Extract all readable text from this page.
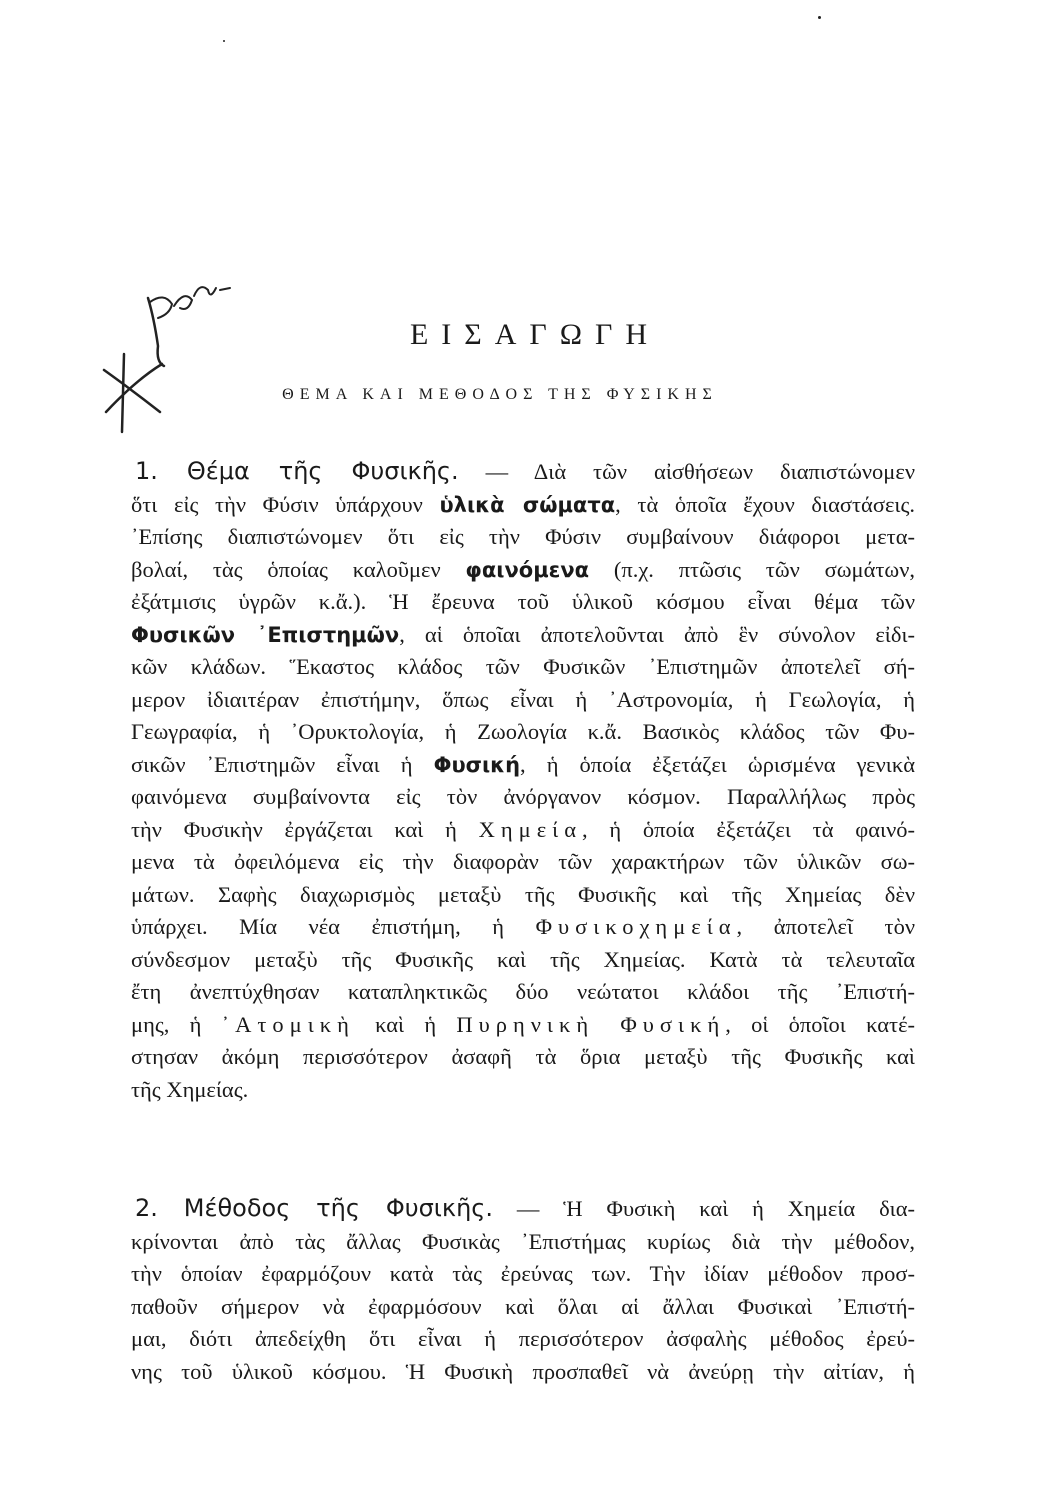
ΕΙΣΑΓΩΓΗ
ΘΕΜΑ ΚΑΙ ΜΕΘΟΔΟΣ ΤΗΣ ΦΥΣΙΚΗΣ
1. Θέμα τῆς Φυσικῆς. — Διὰ τῶν αἰσθήσεων διαπιστώνομεν
ὅτι εἰς τὴν Φύσιν ὑπάρχουν ὑλικὰ σώματα, τὰ ὁποῖα ἔχουν διαστάσεις.
᾿Επίσης διαπιστώνομεν ὅτι εἰς τὴν Φύσιν συμβαίνουν διάφοροι μετα-
βολαί, τὰς ὁποίας καλοῦμεν φαινόμενα (π.χ. πτῶσις τῶν σωμάτων,
ἐξάτμισις ὑγρῶν κ.ἄ.). Ἡ ἔρευνα τοῦ ὑλικοῦ κόσμου εἶναι θέμα τῶν
Φυσικῶν ᾿Επιστημῶν, αἱ ὁποῖαι ἀποτελοῦνται ἀπὸ ἓν σύνολον εἰδι-
κῶν κλάδων. Ἕκαστος κλάδος τῶν Φυσικῶν ᾿Επιστημῶν ἀποτελεῖ σή-
μερον ἰδιαιτέραν ἐπιστήμην, ὅπως εἶναι ἡ ᾿Αστρονομία, ἡ Γεωλογία, ἡ
Γεωγραφία, ἡ ᾿Ορυκτολογία, ἡ Ζωολογία κ.ἄ. Βασικὸς κλάδος τῶν Φυ-
σικῶν ᾿Επιστημῶν εἶναι ἡ Φυσική, ἡ ὁποία ἐξετάζει ὡρισμένα γενικὰ
φαινόμενα συμβαίνοντα εἰς τὸν ἀνόργανον κόσμον. Παραλλήλως πρὸς
τὴν Φυσικὴν ἐργάζεται καὶ ἡ Χημεία, ἡ ὁποία ἐξετάζει τὰ φαινό-
μενα τὰ ὀφειλόμενα εἰς τὴν διαφορὰν τῶν χαρακτήρων τῶν ὑλικῶν σω-
μάτων. Σαφὴς διαχωρισμὸς μεταξὺ τῆς Φυσικῆς καὶ τῆς Χημείας δὲν
ὑπάρχει. Μία νέα ἐπιστήμη, ἡ Φυσικοχημεία, ἀποτελεῖ τὸν
σύνδεσμον μεταξὺ τῆς Φυσικῆς καὶ τῆς Χημείας. Κατὰ τὰ τελευταῖα
ἔτη ἀνεπτύχθησαν καταπληκτικῶς δύο νεώτατοι κλάδοι τῆς ᾿Επιστή-
μης, ἡ ᾿Ατομικὴ καὶ ἡ Πυρηνικὴ Φυσική, οἱ ὁποῖοι κατέ-
στησαν ἀκόμη περισσότερον ἀσαφῆ τὰ ὅρια μεταξὺ τῆς Φυσικῆς καὶ
τῆς Χημείας.
2. Μέθοδος τῆς Φυσικῆς. — Ἡ Φυσικὴ καὶ ἡ Χημεία δια-
κρίνονται ἀπὸ τὰς ἄλλας Φυσικὰς ᾿Επιστήμας κυρίως διὰ τὴν μέθοδον,
τὴν ὁποίαν ἐφαρμόζουν κατὰ τὰς ἐρεύνας των. Τὴν ἰδίαν μέθοδον προσ-
παθοῦν σήμερον νὰ ἐφαρμόσουν καὶ ὅλαι αἱ ἄλλαι Φυσικαὶ ᾿Επιστή-
μαι, διότι ἀπεδείχθη ὅτι εἶναι ἡ περισσότερον ἀσφαλὴς μέθοδος ἐρεύ-
νης τοῦ ὑλικοῦ κόσμου. Ἡ Φυσικὴ προσπαθεῖ νὰ ἀνεύρῃ τὴν αἰτίαν, ἡ
